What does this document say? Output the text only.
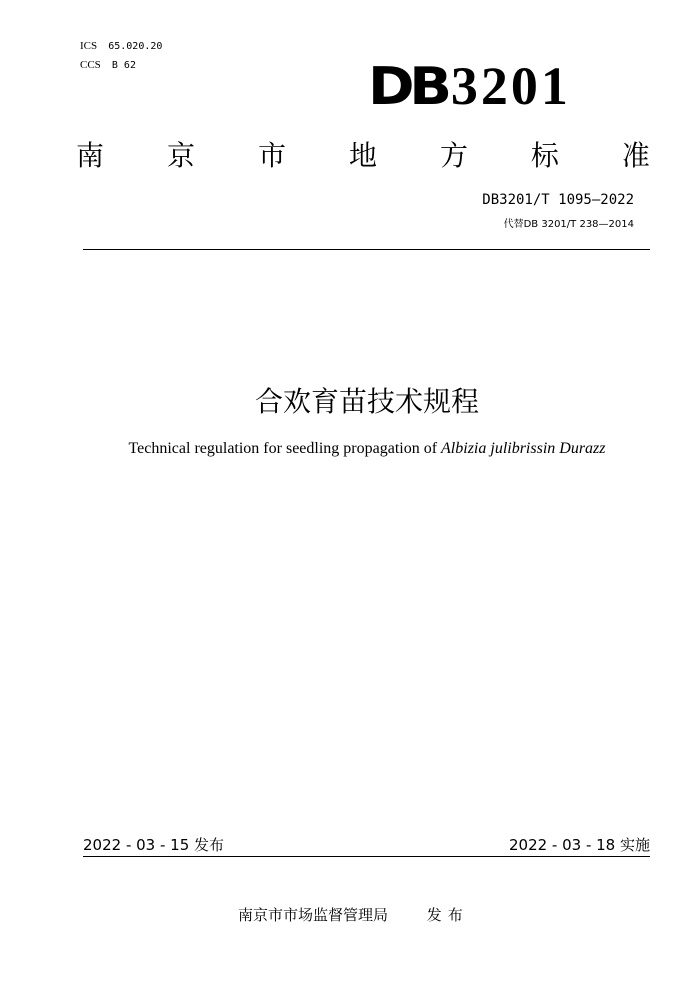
ICS 65.020.20
CCS B 62	DB 3201
南 京 市 地 方 标 准
DB3201/T 1095—2022
代替DB 3201/T 238—2014
合欢育苗技术规程
Technical regulation for seedling propagation of Albizia julibrissin Durazz
2022 - 03 - 15 发布	2022 - 03 - 18 实施
南京市市场监督管理局	发布
